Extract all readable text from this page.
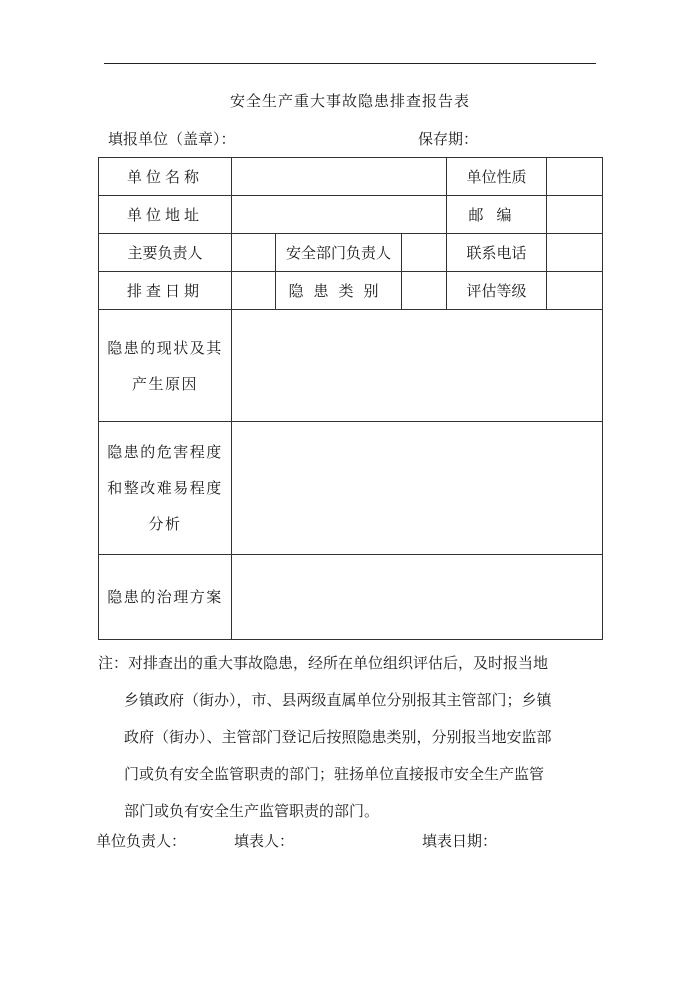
安全生产重大事故隐患排查报告表
填报单位（盖章）：	保存期：
单位名称				单位性质	
单位地址				邮编	
主要负责人		安全部门负责人		联系电话	
排查日期		隐患类别		评估等级	

隐患的现状及其
产生原因					

隐患的危害程度
和整改难易程度
分析					

隐患的治理方案					

注：对排查出的重大事故隐患，经所在单位组织评估后，及时报当地
乡镇政府（街办），市、县两级直属单位分别报其主管部门；乡镇
政府（街办）、主管部门登记后按照隐患类别，分别报当地安监部
门或负有安全监管职责的部门；驻扬单位直接报市安全生产监管
部门或负有安全生产监管职责的部门。
单位负责人：	填表人：	填表日期：
